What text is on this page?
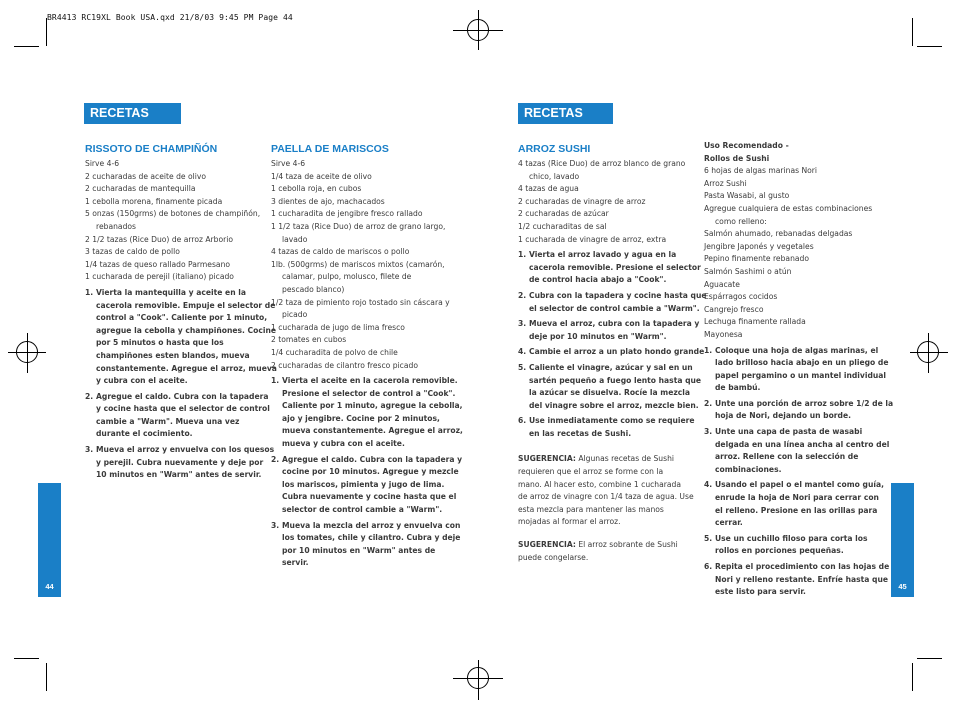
BR4413 RC19XL Book USA.qxd 21/8/03 9:45 PM Page 44
RECETAS cont
RECETAS cont
RISSOTO DE CHAMPIÑÓN	PAELLA DE MARISCOS	ARROZ SUSHI

Sirve 4-6

2 cucharadas de aceite de olivo

2 cucharadas de mantequilla

1 cebolla morena, finamente picada

5 onzas (150grms) de botones de champiñón,

rebanados

2 1/2 tazas (Rice Duo) de arroz Arborio

3 tazas de caldo de pollo

1/4 tazas de queso rallado Parmesano

1 cucharada de perejil (italiano) picado

1. Vierta la mantequilla y aceite en la
cacerola removible. Empuje el selector de
control a "Cook". Caliente por 1 minuto,
agregue la cebolla y champiñones. Cocine
por 5 minutos o hasta que los
champiñones esten blandos, mueva
constantemente. Agregue el arroz, mueva
y cubra con el aceite.
2. Agregue el caldo. Cubra con la tapadera
y cocine hasta que el selector de control
cambie a "Warm". Mueva una vez
durante el cocimiento.
3. Mueva el arroz y envuelva con los quesos
y perejil. Cubra nuevamente y deje por
10 minutos en "Warm" antes de servir.

Sirve 4-6

1/4 taza de aceite de olivo

1 cebolla roja, en cubos

3 dientes de ajo, machacados

1 cucharadita de jengibre fresco rallado

1 1/2 taza (Rice Duo) de arroz de grano largo,

lavado

4 tazas de caldo de mariscos o pollo

1lb. (500grms) de mariscos mixtos (camarón,

calamar, pulpo, molusco, filete de

pescado blanco)

1/2 taza de pimiento rojo tostado sin cáscara y

picado

1 cucharada de jugo de lima fresco

2 tomates en cubos

1/4 cucharadita de polvo de chile

2 cucharadas de cilantro fresco picado

1. Vierta el aceite en la cacerola removible.
Presione el selector de control a "Cook".
Caliente por 1 minuto, agregue la cebolla,
ajo y jengibre. Cocine por 2 minutos,
mueva constantemente. Agregue el arroz,
mueva y cubra con el aceite.
2. Agregue el caldo. Cubra con la tapadera y
cocine por 10 minutos. Agregue y mezcle
los mariscos, pimienta y jugo de lima.
Cubra nuevamente y cocine hasta que el
selector de control cambie a "Warm".
3. Mueva la mezcla del arroz y envuelva con
los tomates, chile y cilantro. Cubra y deje
por 10 minutos en "Warm" antes de
servir.

4 tazas (Rice Duo) de arroz blanco de grano

chico, lavado

4 tazas de agua

2 cucharadas de vinagre de arroz

2 cucharadas de azúcar

1/2 cucharaditas de sal

1 cucharada de vinagre de arroz, extra

1. Vierta el arroz lavado y agua en la
cacerola removible. Presione el selector
de control hacia abajo a "Cook".
2. Cubra con la tapadera y cocine hasta que
el selector de control cambie a "Warm".
3. Mueva el arroz, cubra con la tapadera y
deje por 10 minutos en "Warm".
4. Cambie el arroz a un plato hondo grande
5. Caliente el vinagre, azúcar y sal en un
sartén pequeño a fuego lento hasta que
la azúcar se disuelva. Rocíe la mezcla
del vinagre sobre el arroz, mezcle bien.
6. Use inmediatamente como se requiere
en las recetas de Sushi.

SUGERENCIA: Algunas recetas de Sushi

requieren que el arroz se forme con la

mano. Al hacer esto, combine 1 cucharada

de arroz de vinagre con 1/4 taza de agua. Use

esta mezcla para mantener las manos

mojadas al formar el arroz.

SUGERENCIA: El arroz sobrante de Sushi

puede congelarse.

Uso Recomendado -

Rollos de Sushi

6 hojas de algas marinas Nori

Arroz Sushi

Pasta Wasabi, al gusto

Agregue cualquiera de estas combinaciones

como relleno:

Salmón ahumado, rebanadas delgadas

Jengibre Japonés y vegetales

Pepino finamente rebanado

Salmón Sashimi o atún

Aguacate

Espárragos cocidos

Cangrejo fresco

Lechuga finamente rallada

Mayonesa

1. Coloque una hoja de algas marinas, el
lado brilloso hacia abajo en un pliego de
papel pergamino o un mantel individual
de bambú.
2. Unte una porción de arroz sobre 1/2 de la
hoja de Nori, dejando un borde.
3. Unte una capa de pasta de wasabi
delgada en una línea ancha al centro del
arroz. Rellene con la selección de
combinaciones.
4. Usando el papel o el mantel como guía,
enrude la hoja de Nori para cerrar con
el relleno. Presione en las orillas para
cerrar.
5. Use un cuchillo filoso para corta los
rollos en porciones pequeñas.
6. Repita el procedimiento con las hojas de
Nori y relleno restante. Enfríe hasta que
este listo para servir.
44	45
